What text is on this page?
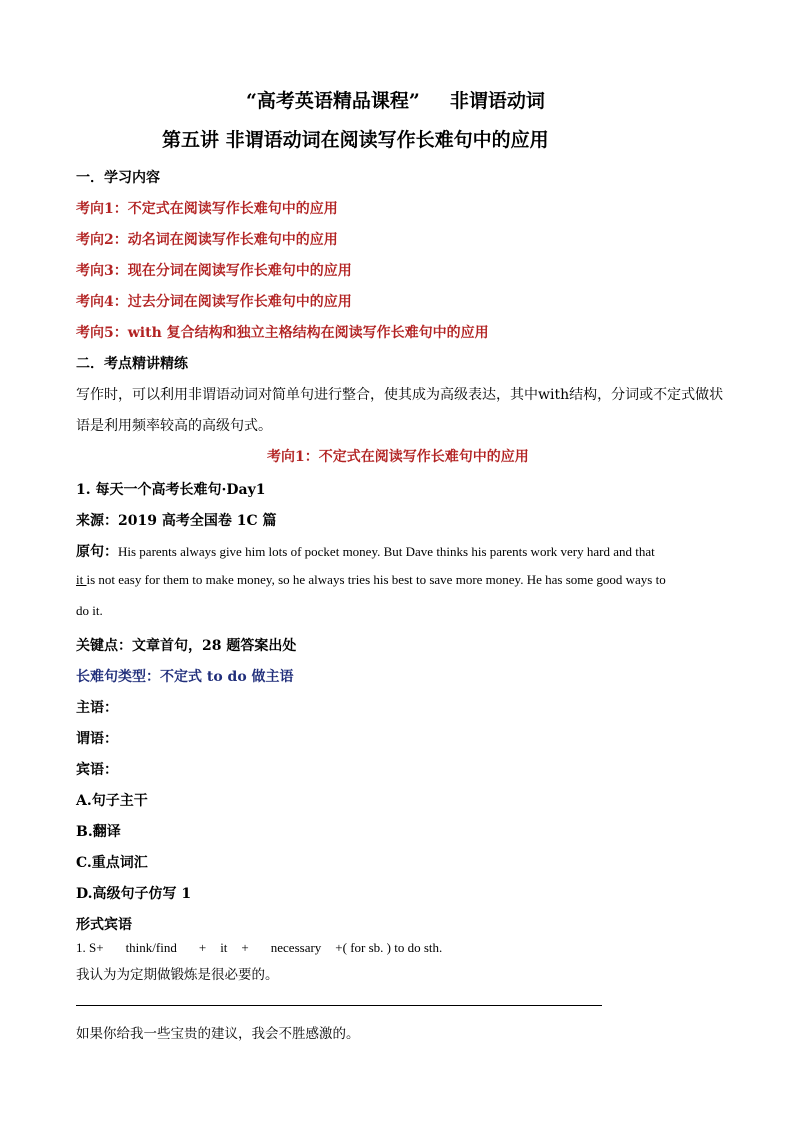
“高考英语精品课程” 非谓语动词
第五讲 非谓语动词在阅读写作长难句中的应用
一．学习内容
考向1：不定式在阅读写作长难句中的应用
考向2：动名词在阅读写作长难句中的应用
考向3：现在分词在阅读写作长难句中的应用
考向4：过去分词在阅读写作长难句中的应用
考向5：with 复合结构和独立主格结构在阅读写作长难句中的应用
二．考点精讲精练
写作时，可以利用非谓语动词对简单句进行整合，使其成为高级表达，其中with结构，分词或不定式做状
语是利用频率较高的高级句式。
考向1：不定式在阅读写作长难句中的应用
1. 每天一个高考长难句·Day1
来源：2019 高考全国卷 1C 篇
原句：His parents always give him lots of pocket money. But Dave thinks his parents work very hard and that
it is not easy for them to make money, so he always tries his best to save more money. He has some good ways to
do it.
关键点：文章首句，28 题答案出处
长难句类型：不定式 to do 做主语
主语：
谓语：
宾语：
A.句子主干
B.翻译
C.重点词汇
D.高级句子仿写 1
形式宾语
1. S+ think/find + it + necessary +( for sb. ) to do sth.
我认为为定期做锻炼是很必要的。
如果你给我一些宝贵的建议，我会不胜感激的。
